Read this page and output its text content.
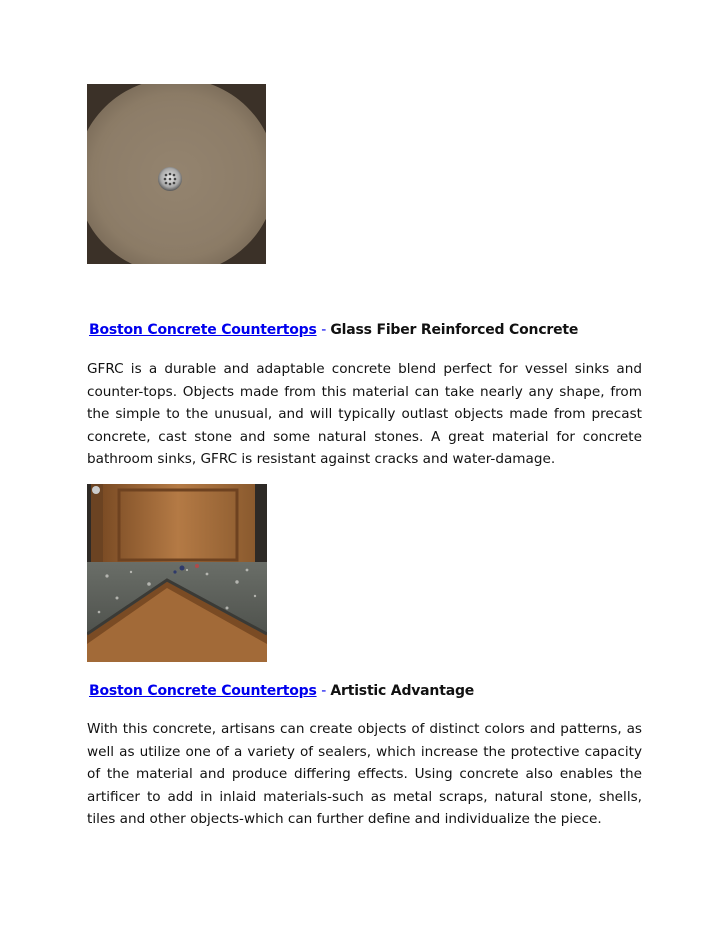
Boston Concrete Countertops - Glass Fiber Reinforced Concrete

GFRC is a durable and adaptable concrete blend perfect for vessel sinks and counter-tops. Objects made from this material can take nearly any shape, from the simple to the unusual, and will typically outlast objects made from precast concrete, cast stone and some natural stones. A great material for concrete bathroom sinks, GFRC is resistant against cracks and water-damage.

Boston Concrete Countertops - Artistic Advantage

With this concrete, artisans can create objects of distinct colors and patterns, as well as utilize one of a variety of sealers, which increase the protective capacity of the material and produce differing effects. Using concrete also enables the artificer to add in inlaid materials-such as metal scraps, natural stone, shells, tiles and other objects-which can further define and individualize the piece.
